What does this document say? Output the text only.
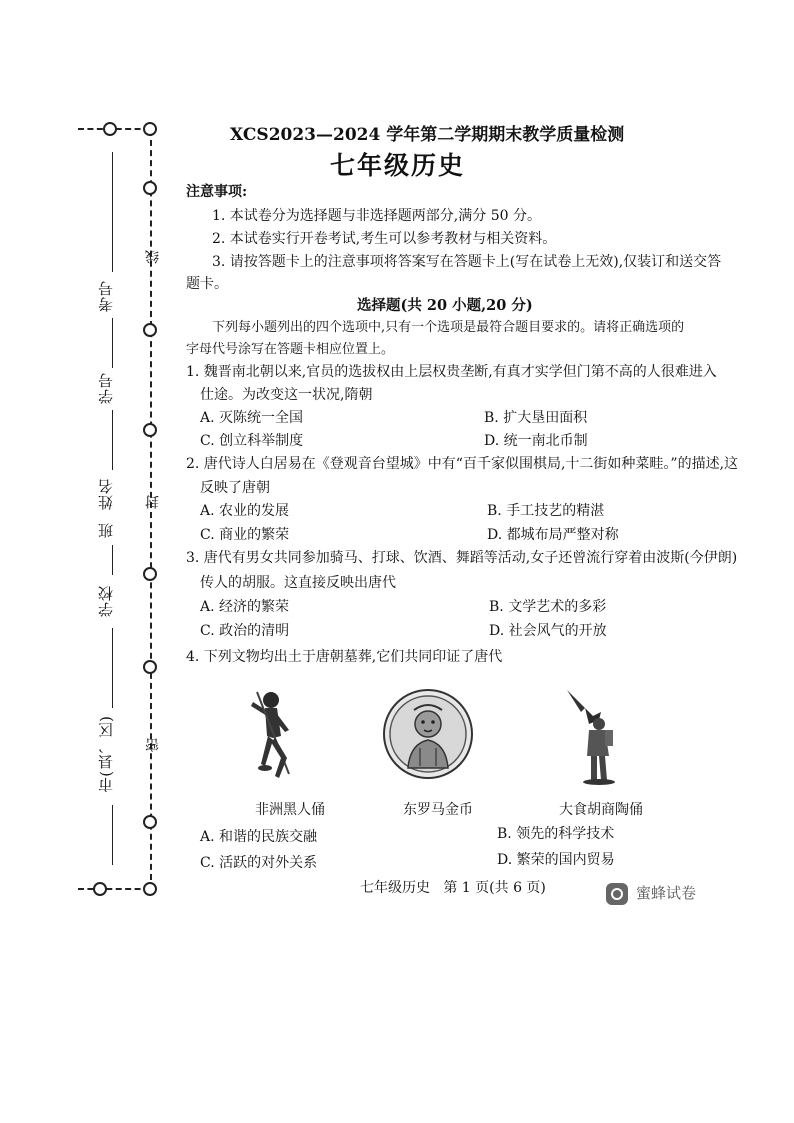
考号
学号
姓名
班
学校
市(县、区) 密
封
线
XCS2023—2024 学年第二学期期末教学质量检测
七年级历史
注意事项:
1. 本试卷分为选择题与非选择题两部分,满分 50 分。
2. 本试卷实行开卷考试,考生可以参考教材与相关资料。
3. 请按答题卡上的注意事项将答案写在答题卡上(写在试卷上无效),仅装订和送交答
题卡。
选择题(共 20 小题,20 分)
下列每小题列出的四个选项中,只有一个选项是最符合题目要求的。请将正确选项的
字母代号涂写在答题卡相应位置上。
1. 魏晋南北朝以来,官员的选拔权由上层权贵垄断,有真才实学但门第不高的人很难进入
仕途。为改变这一状况,隋朝
A. 灭陈统一全国	B. 扩大垦田面积
C. 创立科举制度	D. 统一南北币制
2. 唐代诗人白居易在《登观音台望城》中有“百千家似围棋局,十二街如种菜畦。”的描述,这
反映了唐朝
A. 农业的发展	B. 手工技艺的精湛
C. 商业的繁荣	D. 都城布局严整对称
3. 唐代有男女共同参加骑马、打球、饮酒、舞蹈等活动,女子还曾流行穿着由波斯(今伊朗)
传人的胡服。这直接反映出唐代
A. 经济的繁荣	B. 文学艺术的多彩
C. 政治的清明	D. 社会风气的开放
4. 下列文物均出土于唐朝墓葬,它们共同印证了唐代
非洲黑人俑	东罗马金币	大食胡商陶俑
A. 和谐的民族交融	B. 领先的科学技术
C. 活跃的对外关系	D. 繁荣的国内贸易
七年级历史   第 1 页(共 6 页)	蜜蜂试卷
